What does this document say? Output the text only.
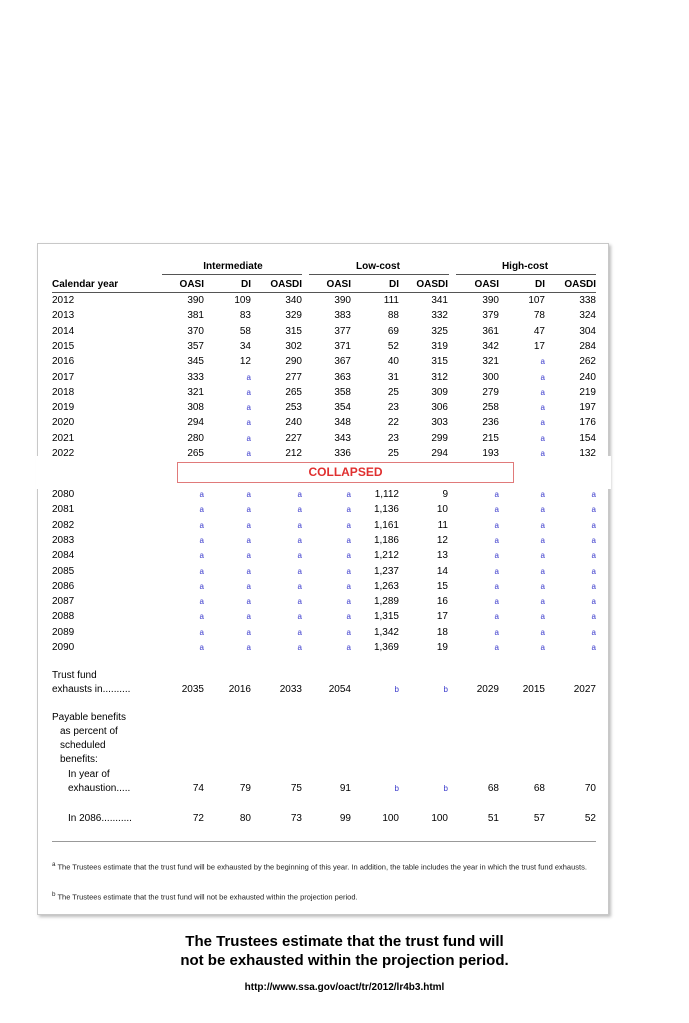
Intermediate	Low-cost	High-cost
Calendar year	OASI	DI	OASDI	OASI	DI	OASDI	OASI	DI	OASDI
2012	390	109	340	390	111	341	390	107	338
2013	381	83	329	383	88	332	379	78	324
2014	370	58	315	377	69	325	361	47	304
2015	357	34	302	371	52	319	342	17	284
2016	345	12	290	367	40	315	321	a	262
2017	333	a	277	363	31	312	300	a	240
2018	321	a	265	358	25	309	279	a	219
2019	308	a	253	354	23	306	258	a	197
2020	294	a	240	348	22	303	236	a	176
2021	280	a	227	343	23	299	215	a	154
2022	265	a	212	336	25	294	193	a	132
COLLAPSED
2080	a	a	a	a	1,112	9	a	a	a
2081	a	a	a	a	1,136	10	a	a	a
2082	a	a	a	a	1,161	11	a	a	a
2083	a	a	a	a	1,186	12	a	a	a
2084	a	a	a	a	1,212	13	a	a	a
2085	a	a	a	a	1,237	14	a	a	a
2086	a	a	a	a	1,263	15	a	a	a
2087	a	a	a	a	1,289	16	a	a	a
2088	a	a	a	a	1,315	17	a	a	a
2089	a	a	a	a	1,342	18	a	a	a
2090	a	a	a	a	1,369	19	a	a	a
Trust fund
exhausts in..........	2035	2016	2033	2054	b	b	2029	2015	2027
Payable benefits
as percent of
scheduled
benefits:
In year of
exhaustion.....	74	79	75	91	b	b	68	68	70
In 2086...........	72	80	73	99	100	100	51	57	52
$^a$ The Trustees estimate that the trust fund will be exhausted by the beginning of this year. In addition, the table includes the year in which the trust fund exhausts.
$^b$ The Trustees estimate that the trust fund will not be exhausted within the projection period.
The Trustees estimate that the trust fund will
not be exhausted within the projection period.
http://www.ssa.gov/oact/tr/2012/lr4b3.html
